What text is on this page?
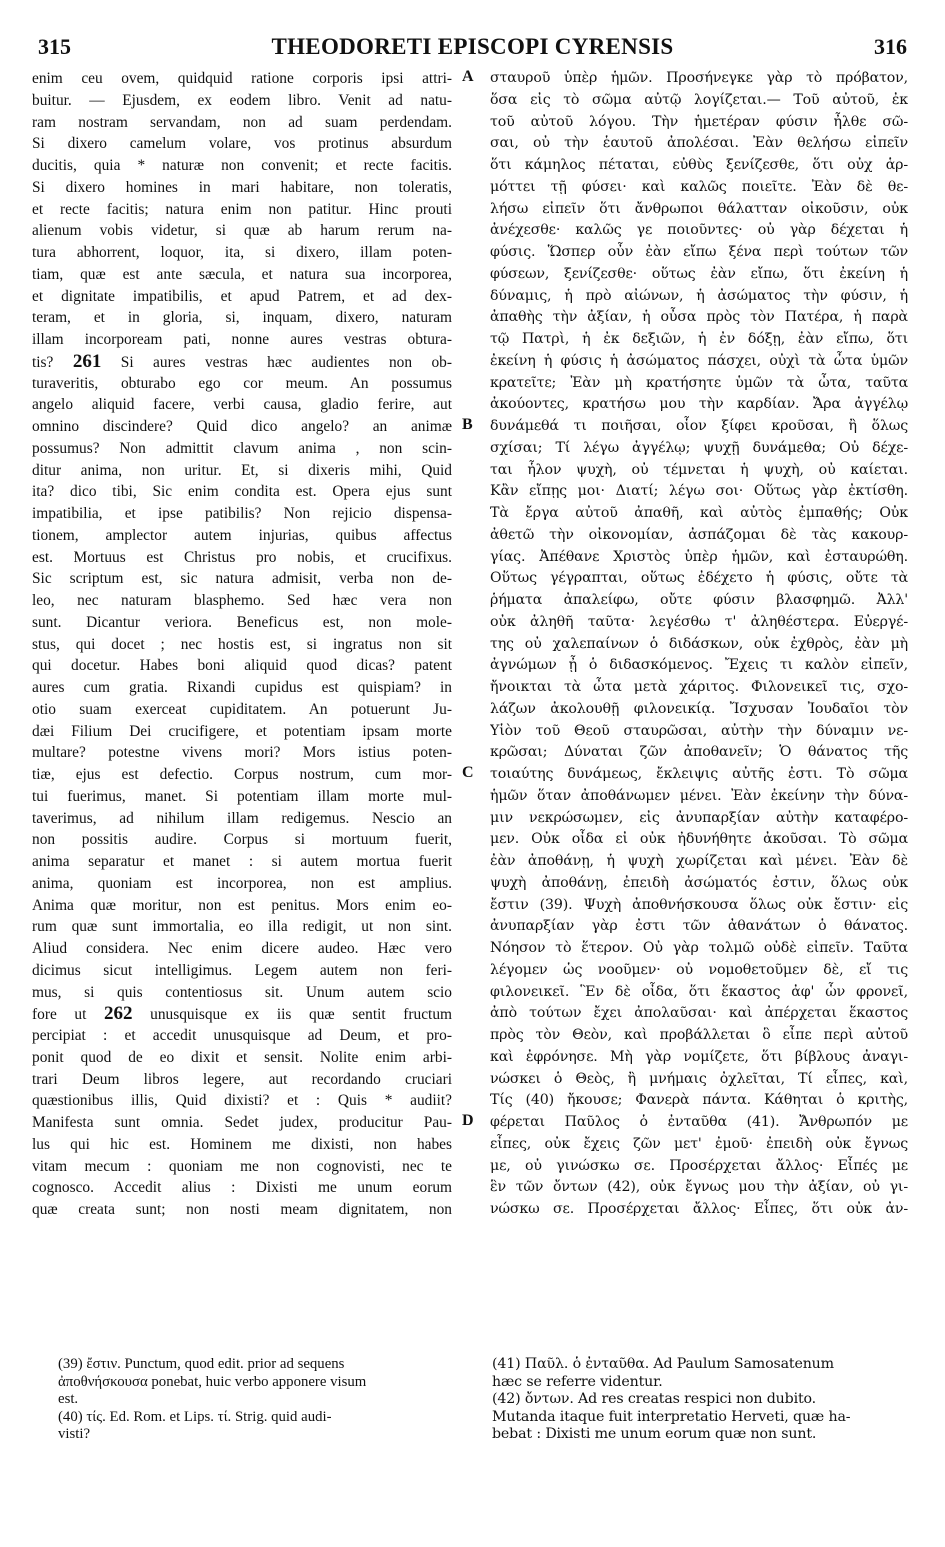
315	THEODORETI EPISCOPI CYRENSIS	316
enim ceu ovem, quidquid ratione corporis ipsi attri-
buitur. — Ejusdem, ex eodem libro. Venit ad natu-
ram nostram servandam, non ad suam perdendam.
Si dixero camelum volare, vos protinus absurdum
ducitis, quia * naturæ non convenit; et recte facitis.
Si dixero homines in mari habitare, non toleratis,
et recte facitis; natura enim non patitur. Hinc prouti
alienum vobis videtur, si quæ ab harum rerum na-
tura abhorrent, loquor, ita, si dixero, illam poten-
tiam, quæ est ante sæcula, et natura sua incorporea,
et dignitate impatibilis, et apud Patrem, et ad dex-
teram, et in gloria, si, inquam, dixero, naturam
illam incorpoream pati, nonne aures vestras obtura-
tis? 261 Si aures vestras hæc audientes non ob-
turaveritis, obturabo ego cor meum. An possumus
angelo aliquid facere, verbi causa, gladio ferire, aut
omnino discindere? Quid dico angelo? an animæ
possumus? Non admittit clavum anima , non scin-
ditur anima, non uritur. Et, si dixeris mihi, Quid
ita? dico tibi, Sic enim condita est. Opera ejus sunt
impatibilia, et ipse patibilis? Non rejicio dispensa-
tionem, amplector autem injurias, quibus affectus
est. Mortuus est Christus pro nobis, et crucifixus.
Sic scriptum est, sic natura admisit, verba non de-
leo, nec naturam blasphemo. Sed hæc vera non
sunt. Dicantur veriora. Beneficus est, non mole-
stus, qui docet ; nec hostis est, si ingratus non sit
qui docetur. Habes boni aliquid quod dicas? patent
aures cum gratia. Rixandi cupidus est quispiam? in
otio suam exerceat cupiditatem. An potuerunt Ju-
dæi Filium Dei crucifigere, et potentiam ipsam morte
multare? potestne vivens mori? Mors istius poten-
tiæ, ejus est defectio. Corpus nostrum, cum mor-
tui fuerimus, manet. Si potentiam illam morte mul-
taverimus, ad nihilum illam redigemus. Nescio an
non possitis audire. Corpus si mortuum fuerit,
anima separatur et manet : si autem mortua fuerit
anima, quoniam est incorporea, non est amplius.
Anima quæ moritur, non est penitus. Mors enim eo-
rum quæ sunt immortalia, eo illa redigit, ut non sint.
Aliud considera. Nec enim dicere audeo. Hæc vero
dicimus sicut intelligimus. Legem autem non feri-
mus, si quis contentiosus sit. Unum autem scio
fore ut 262 unusquisque ex iis quæ sentit fructum
percipiat : et accedit unusquisque ad Deum, et pro-
ponit quod de eo dixit et sensit. Nolite enim arbi-
trari Deum libros legere, aut recordando cruciari
quæstionibus illis, Quid dixisti? et : Quis * audiit?
Manifesta sunt omnia. Sedet judex, producitur Pau-
lus qui hic est. Hominem me dixisti, non habes
vitam mecum : quoniam me non cognovisti, nec te
cognosco. Accedit alius : Dixisti me unum eorum
quæ creata sunt; non nosti meam dignitatem, non
σταυροῦ ὑπὲρ ἡμῶν. Προσήνεγκε γὰρ τὸ πρόβατον,
ὅσα εἰς τὸ σῶμα αὐτῷ λογίζεται.— Τοῦ αὐτοῦ, ἐκ
τοῦ αὐτοῦ λόγου. Τὴν ἡμετέραν φύσιν ἦλθε σῶ-
σαι, οὐ τὴν ἑαυτοῦ ἀπολέσαι. Ἐὰν θελήσω εἰπεῖν
ὅτι κάμηλος πέταται, εὐθὺς ξενίζεσθε, ὅτι οὐχ ἁρ-
μόττει τῇ φύσει· καὶ καλῶς ποιεῖτε. Ἐὰν δὲ θε-
λήσω εἰπεῖν ὅτι ἄνθρωποι θάλατταν οἰκοῦσιν, οὐκ
ἀνέχεσθε· καλῶς γε ποιοῦντες· οὐ γὰρ δέχεται ἡ
φύσις. Ὥσπερ οὖν ἐὰν εἴπω ξένα περὶ τούτων τῶν
φύσεων, ξενίζεσθε· οὕτως ἐὰν εἴπω, ὅτι ἐκείνη ἡ
δύναμις, ἡ πρὸ αἰώνων, ἡ ἀσώματος τὴν φύσιν, ἡ
ἀπαθὴς τὴν ἀξίαν, ἡ οὖσα πρὸς τὸν Πατέρα, ἡ παρὰ
τῷ Πατρὶ, ἡ ἐκ δεξιῶν, ἡ ἐν δόξῃ, ἐὰν εἴπω, ὅτι
ἐκείνη ἡ φύσις ἡ ἀσώματος πάσχει, οὐχὶ τὰ ὦτα ὑμῶν
κρατεῖτε; Ἐὰν μὴ κρατήσητε ὑμῶν τὰ ὦτα, ταῦτα
ἀκούοντες, κρατήσω μου τὴν καρδίαν. Ἄρα ἀγγέλῳ
δυνάμεθά τι ποιῆσαι, οἷον ξίφει κροῦσαι, ἢ ὅλως
σχίσαι; Τί λέγω ἀγγέλῳ; ψυχῇ δυνάμεθα; Οὐ δέχε-
ται ἧλον ψυχὴ, οὐ τέμνεται ἡ ψυχὴ, οὐ καίεται.
Κἂν εἴπῃς μοι· Διατί; λέγω σοι· Οὕτως γὰρ ἐκτίσθη.
Τὰ ἔργα αὐτοῦ ἀπαθῆ, καὶ αὐτὸς ἐμπαθής; Οὐκ
ἀθετῶ τὴν οἰκονομίαν, ἀσπάζομαι δὲ τὰς κακουρ-
γίας. Ἀπέθανε Χριστὸς ὑπὲρ ἡμῶν, καὶ ἐσταυρώθη.
Οὕτως γέγραπται, οὕτως ἐδέχετο ἡ φύσις, οὔτε τὰ
ῥήματα ἀπαλείφω, οὔτε φύσιν βλασφημῶ. Ἀλλ'
οὐκ ἀληθῆ ταῦτα· λεγέσθω τ' ἀληθέστερα. Εὐεργέ-
της οὐ χαλεπαίνων ὁ διδάσκων, οὐκ ἐχθρὸς, ἐὰν μὴ
ἀγνώμων ᾖ ὁ διδασκόμενος. Ἔχεις τι καλὸν εἰπεῖν,
ἤνοικται τὰ ὦτα μετὰ χάριτος. Φιλονεικεῖ τις, σχο-
λάζων ἀκολουθῇ φιλονεικίᾳ. Ἴσχυσαν Ἰουδαῖοι τὸν
Υἱὸν τοῦ Θεοῦ σταυρῶσαι, αὐτὴν τὴν δύναμιν νε-
κρῶσαι; Δύναται ζῶν ἀποθανεῖν; Ὁ θάνατος τῆς
τοιαύτης δυνάμεως, ἔκλειψις αὐτῆς ἐστι. Τὸ σῶμα
ἡμῶν ὅταν ἀποθάνωμεν μένει. Ἐὰν ἐκείνην τὴν δύνα-
μιν νεκρώσωμεν, εἰς ἀνυπαρξίαν αὐτὴν καταφέρο-
μεν. Οὐκ οἶδα εἰ οὐκ ἠδυνήθητε ἀκοῦσαι. Τὸ σῶμα
ἐὰν ἀποθάνῃ, ἡ ψυχὴ χωρίζεται καὶ μένει. Ἐὰν δὲ
ψυχὴ ἀποθάνῃ, ἐπειδὴ ἀσώματός ἐστιν, ὅλως οὐκ
ἔστιν (39). Ψυχὴ ἀποθνήσκουσα ὅλως οὐκ ἔστιν· εἰς
ἀνυπαρξίαν γὰρ ἐστι τῶν ἀθανάτων ὁ θάνατος.
Νόησον τὸ ἕτερον. Οὐ γὰρ τολμῶ οὐδὲ εἰπεῖν. Ταῦτα
λέγομεν ὡς νοοῦμεν· οὐ νομοθετοῦμεν δὲ, εἴ τις
φιλονεικεῖ. Ἓν δὲ οἶδα, ὅτι ἕκαστος ἀφ' ὧν φρονεῖ,
ἀπὸ τούτων ἔχει ἀπολαῦσαι· καὶ ἀπέρχεται ἕκαστος
πρὸς τὸν Θεὸν, καὶ προβάλλεται ὃ εἶπε περὶ αὐτοῦ
καὶ ἐφρόνησε. Μὴ γὰρ νομίζετε, ὅτι βίβλους ἀναγι-
νώσκει ὁ Θεὸς, ἢ μνήμαις ὀχλεῖται, Τί εἶπες, καὶ,
Τίς (40) ἤκουσε; Φανερὰ πάντα. Κάθηται ὁ κριτὴς,
φέρεται Παῦλος ὁ ἐνταῦθα (41). Ἄνθρωπόν με
εἶπες, οὐκ ἔχεις ζῶν μετ' ἐμοῦ· ἐπειδὴ οὐκ ἔγνως
με, οὐ γινώσκω σε. Προσέρχεται ἄλλος· Εἶπές με
ἓν τῶν ὄντων (42), οὐκ ἔγνως μου τὴν ἀξίαν, οὐ γι-
νώσκω σε. Προσέρχεται ἄλλος· Εἶπες, ὅτι οὐκ ἀν-
A
B
C
D
(39) ἔστιν. Punctum, quod edit. prior ad sequens
ἀποθνήσκουσα ponebat, huic verbo apponere visum
est.
(40) τίς. Ed. Rom. et Lips. τί. Strig. quid audi-
visti?
(41) Παῦλ. ὁ ἐνταῦθα. Ad Paulum Samosatenum
hæc se referre videntur.
(42) ὄντων. Ad res creatas respici non dubito.
Mutanda itaque fuit interpretatio Herveti, quæ ha-
bebat : Dixisti me unum eorum quæ non sunt.
